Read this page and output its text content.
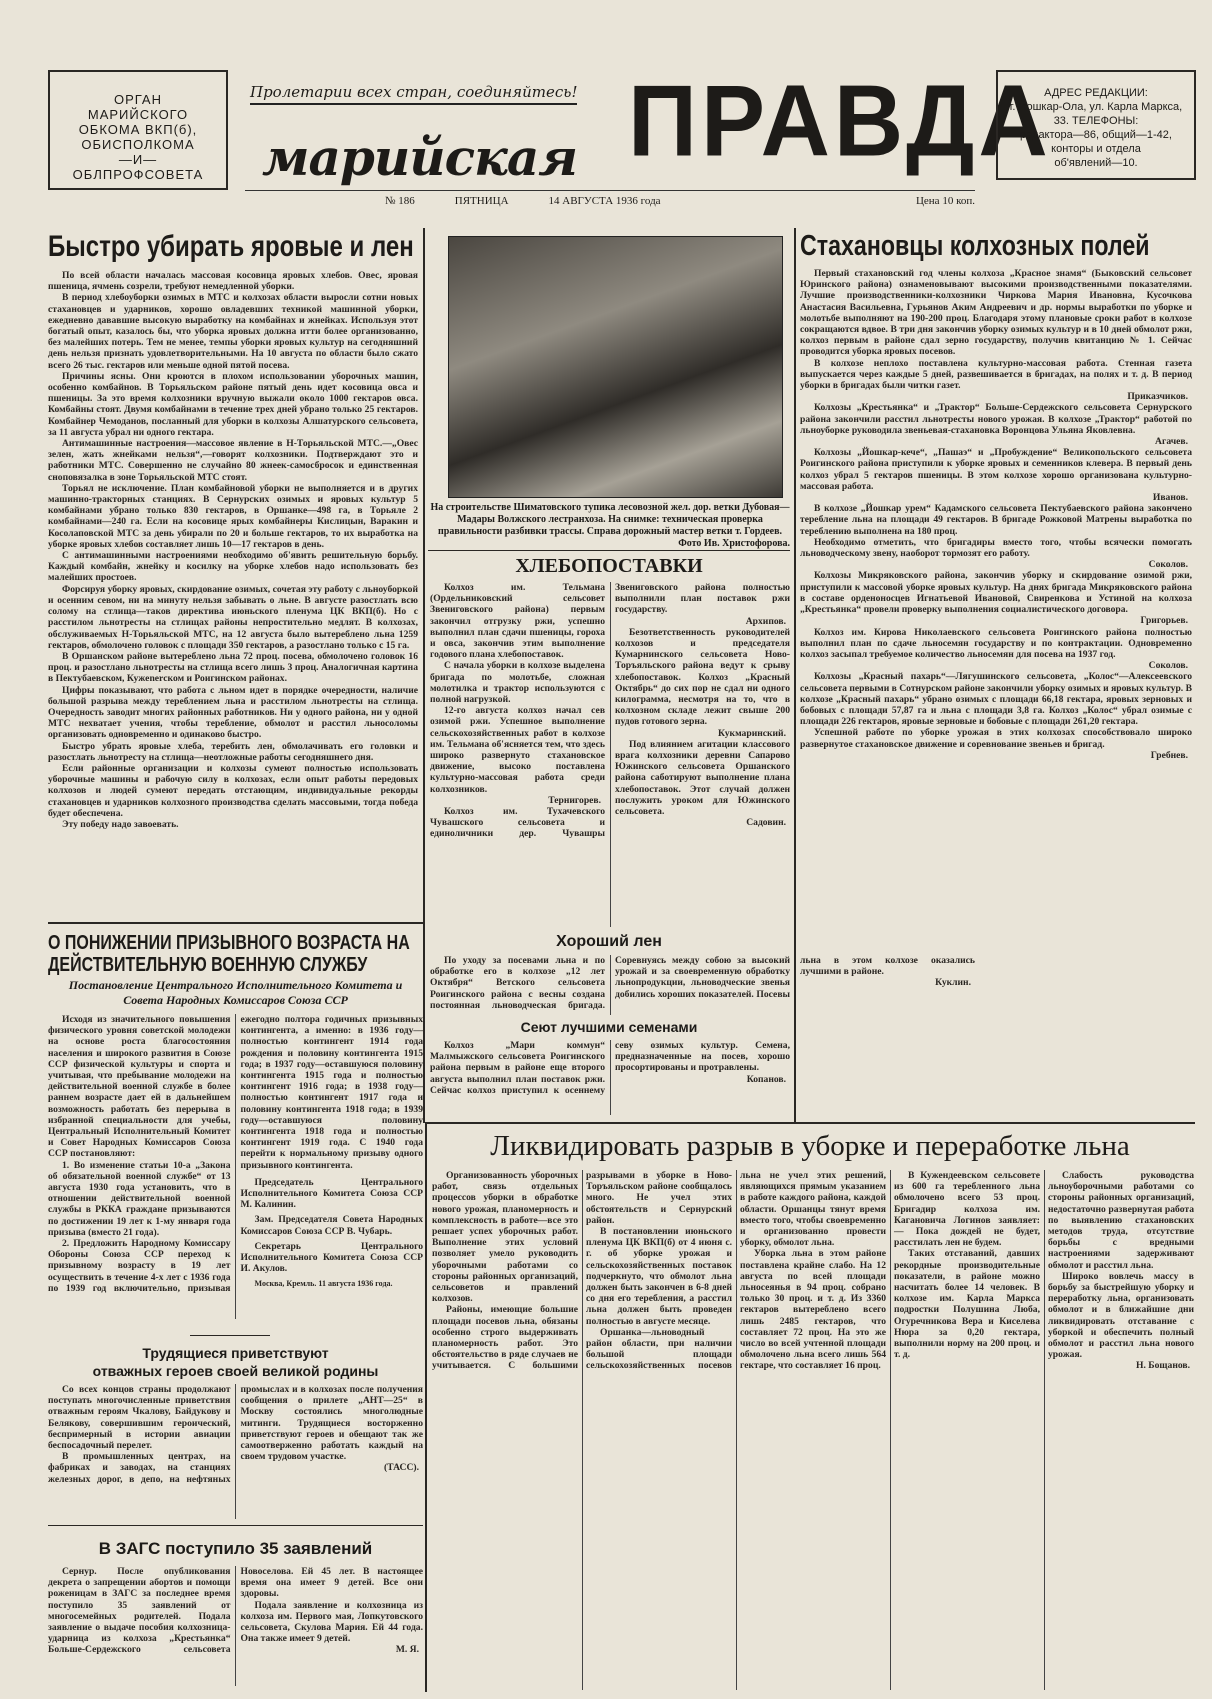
ОРГАН
МАРИЙСКОГО
ОБКОМА ВКП(б),
ОБИСПОЛКОМА
—И—
ОБЛПРОФСОВЕТА
Пролетарии всех стран, соединяйтесь!
марийская ПРАВДА
АДРЕС РЕДАКЦИИ:
г. Йошкар-Ола, ул. Карла Маркса, 33. ТЕЛЕФОНЫ:
редактора—86, общий—1-42,
конторы и отдела
об'явлений—10.
№ 186	ПЯТНИЦА	14 АВГУСТА 1936 года	Цена 10 коп.
Быстро убирать яровые и лен

По всей области началась массовая косовица яровых хлебов. Овес, яровая пшеница, ячмень созрели, требуют немедленной уборки.

В период хлебоуборки озимых в МТС и колхозах области выросли сотни новых стахановцев и ударников, хорошо овладевших техникой машинной уборки, ежедневно дававшие высокую выработку на комбайнах и жнейках. Используя этот богатый опыт, казалось бы, что уборка яровых должна итти более организованно, без малейших потерь. Тем не менее, темпы уборки яровых культур на сегодняшний день нельзя признать удовлетворительными. На 10 августа по области было сжато всего 26 тыс. гектаров или меньше одной пятой посева.

Причины ясны. Они кроются в плохом использовании уборочных машин, особенно комбайнов. В Торьяльском районе пятый день идет косовица овса и пшеницы. За это время колхозники вручную выжали около 1000 гектаров овса. Комбайны стоят. Двумя комбайнами в течение трех дней убрано только 25 гектаров. Комбайнер Чемоданов, посланный для уборки в колхозы Алшатурского сельсовета, за 11 августа убрал ни одного гектара.

Антимашинные настроения—массовое явление в Н-Торьяльской МТС.—„Овес зелен, жать жнейками нельзя“,—говорят колхозники. Подтверждают это и работники МТС. Совершенно не случайно 80 жнеек-самосбросок и единственная сноповязалка в зоне Торьяльской МТС стоят.

Торьял не исключение. План комбайновой уборки не выполняется и в других машинно-тракторных станциях. В Сернурских озимых и яровых культур 5 комбайнами убрано только 830 гектаров, в Оршанке—498 га, в Торьяле 2 комбайнами—240 га. Если на косовице ярых комбайнеры Кислицын, Варакин и Косолаповской МТС за день убирали по 20 и больше гектаров, то их выработка на уборке яровых хлебов составляет лишь 10—17 гектаров в день.

С антимашинными настроениями необходимо об'явить решительную борьбу. Каждый комбайн, жнейку и косилку на уборке хлебов надо использовать без малейших простоев.

Форсируя уборку яровых, скирдование озимых, сочетая эту работу с льноуборкой и осенним севом, ни на минуту нельзя забывать о льне. В августе разостлать всю солому на стлища—таков директива июньского пленума ЦК ВКП(б). Но с расстилом льнотресты на стлищах районы непростительно медлят. В колхозах, обслуживаемых Н-Торьяльской МТС, на 12 августа было вытереблено льна 1259 гектаров, обмолочено головок с площади 350 гектаров, а разостлано только с 15 га.

В Оршанском районе вытереблено льна 72 проц. посева, обмолочено головок 16 проц. и разостлано льнотресты на стлища всего лишь 3 проц. Аналогичная картина в Пектубаевском, Кужenerском и Роигинском районах.

Цифры показывают, что работа с льном идет в порядке очередности, наличие большой разрыва между тереблением льна и расстилом льнотресты на стлища. Очередность заводит многих районных работников. Ни у одного района, ни у одной МТС нехватает учения, чтобы теребление, обмолот и расстил льносоломы организовать одновременно и одинаково быстро.

Быстро убрать яровые хлеба, теребить лен, обмолачивать его головки и разостлать льнотресту на стлища—неотложные работы сегодняшнего дня.

Если районные организации и колхозы сумеют полностью использовать уборочные машины и рабочую силу в колхозах, если опыт работы передовых колхозов и людей сумеют передать отстающим, индивидуальные рекорды стахановцев и ударников колхозного производства сделать массовыми, тогда победа будет обеспечена.

Эту победу надо завоевать.

На строительстве Шиматовского тупика лесовозной жел. дор. ветки Дубовая—Мадары Волжского лестранхоза. На снимке: техническая проверка правильности разбивки трассы. Справа дорожный мастер ветки т. Гордеев.

Фото Ив. Христофорова.
ХЛЕБОПОСТАВКИ

Колхоз им. Тельмана (Ордельниковский сельсовет Звениговского района) первым закончил отгрузку ржи, успешно выполнил план сдачи пшеницы, гороха и овса, закончив этим выполнение годового плана хлебопоставок.

С начала уборки в колхозе выделена бригада по молотьбе, сложная молотилка и трактор используются с полной нагрузкой.

12-го августа колхоз начал сев озимой ржи. Успешное выполнение сельскохозяйственных работ в колхозе им. Тельмана об'ясняется тем, что здесь широко развернуто стахановское движение, высоко поставлена культурно-массовая работа среди колхозников.

Тернигорев.

Колхоз им. Тухачевского Чувашского сельсовета и единоличники дер. Чувашры Звениговского района полностью выполнили план поставок ржи государству.

Архипов.

Безответственность руководителей колхозов и председателя Кумарнинского сельсовета Ново-Торъяльского района ведут к срыву хлебопоставок. Колхоз „Красный Октябрь“ до сих пор не сдал ни одного килограмма, несмотря на то, что в колхозном складе лежит свыше 200 пудов готового зерна.

Кукмаринский.

Под влиянием агитации классового врага колхозники деревни Сапарово Южинского сельсовета Оршанского района саботируют выполнение плана хлебопоставок. Этот случай должен послужить уроком для Южинского сельсовета.

Садовин.

Хороший лен

По уходу за посевами льна и по обработке его в колхозе „12 лет Октября“ Ветского сельсовета Роигинского района с весны создана постоянная льноводческая бригада. Соревнуясь между собою за высокий урожай и за своевременную обработку льнопродукции, льноводческие звенья добились хороших показателей. Посевы льна в этом колхозе оказались лучшими в районе.

Куклин.

Сеют лучшими семенами

Колхоз „Мари коммун“ Малмыжского сельсовета Роигинского района первым в районе еще второго августа выполнил план поставок ржи. Сейчас колхоз приступил к осеннему севу озимых культур. Семена, предназначенные на посев, хорошо просортированы и протравлены.

Копанов.

Стахановцы колхозных полей

Первый стахановский год члены колхоза „Красное знамя“ (Быковский сельсовет Юринского района) ознаменовывают высокими производственными показателями. Лучшие производственники-колхозники Чиркова Мария Ивановна, Кусочкова Анастасия Васильевна, Гурьянов Аким Андреевич и др. нормы выработки по уборке и молотьбе выполняют на 190-200 проц. Благодаря этому плановые сроки работ в колхозе сокращаются вдвое. В три дня закончив уборку озимых культур и в 10 дней обмолот ржи, колхоз первым в районе сдал зерно государству, получив квитанцию № 1. Сейчас проводится уборка яровых посевов.

В колхозе неплохо поставлена культурно-массовая работа. Стенная газета выпускается через каждые 5 дней, развешивается в бригадах, на полях и т. д. В период уборки в бригадах были читки газет.

Приказчиков.

Колхозы „Крестьянка“ и „Трактор“ Больше-Сердежского сельсовета Сернурского района закончили расстил льнотресты нового урожая. В колхозе „Трактор“ работой по льноуборке руководила звеньевая-стахановка Воронцова Ульяна Яковлевна.

Агачев.

Колхозы „Йошкар-кече“, „Пашаэ“ и „Пробуждение“ Великопольского сельсовета Роигинского района приступили к уборке яровых и семенников клевера. В первый день колхоз убрал 5 гектаров пшеницы. В этом колхозе хорошо организована культурно-массовая работа.

Иванов.

В колхозе „Йошкар урем“ Кадамского сельсовета Пектубаевского района закончено теребление льна на площади 49 гектаров. В бригаде Рожковой Матрены выработка по тереблению выполнена на 180 проц.

Необходимо отметить, что бригадиры вместо того, чтобы всячески помогать льноводческому звену, наоборот тормозят его работу.

Соколов.

Колхозы Микряковского района, закончив уборку и скирдование озимой ржи, приступили к массовой уборке яровых культур. На днях бригада Микряковского района в составе орденоносцев Игнатьевой Ивановой, Свиренкова и Устиной на колхоза „Крестьянка“ провели проверку выполнения социалистического договора.

Григорьев.

Колхоз им. Кирова Николаевского сельсовета Роигинского района полностью выполнил план по сдаче льносемян государству и по контрактации. Одновременно колхоз засыпал требуемое количество льносемян для посева на 1937 год.

Соколов.

Колхозы „Красный пахарь“—Лягушинского сельсовета, „Колос“—Алексеевского сельсовета первыми в Сотнурском районе закончили уборку озимых и яровых культур. В колхозе „Красный пахарь“ убрано озимых с площади 66,18 гектара, яровых зерновых и бобовых с площади 57,87 га и льна с площади 3,8 га. Колхоз „Колос“ убрал озимые с площади 226 гектаров, яровые зерновые и бобовые с площади 261,20 гектара.

Успешной работе по уборке урожая в этих колхозах способствовало широко развернутое стахановское движение и соревнование звеньев и бригад.

Гребнев.

О ПОНИЖЕНИИ ПРИЗЫВНОГО ВОЗРАСТА НА ДЕЙСТВИТЕЛЬНУЮ ВОЕННУЮ СЛУЖБУ
Постановление Центрального Исполнительного Комитета и Совета Народных Комиссаров Союза ССР

Исходя из значительного повышения физического уровня советской молодежи на основе роста благосостояния населения и широкого развития в Союзе ССР физической культуры и спорта и учитывая, что пребывание молодежи на действительной военной службе в более раннем возрасте дает ей в дальнейшем возможность работать без перерыва в избранной специальности для учебы, Центральный Исполнительный Комитет и Совет Народных Комиссаров Союза ССР постановляют:

1. Во изменение статьи 10-а „Закона об обязательной военной службе“ от 13 августа 1930 года установить, что в отношении действительной военной службы в РККА граждане призываются по достижении 19 лет к 1-му января года призыва (вместо 21 года).

2. Предложить Народному Комиссару Обороны Союза ССР переход к призывному возрасту в 19 лет осуществить в течение 4-х лет с 1936 года по 1939 год включительно, призывая ежегодно полтора годичных призывных контингента, а именно: в 1936 году—полностью контингент 1914 года рождения и половину контингента 1915 года; в 1937 году—оставшуюся половину контингента 1915 года и полностью контингент 1916 года; в 1938 году—полностью контингент 1917 года и половину контингента 1918 года; в 1939 году—оставшуюся половину контингента 1918 года и полностью контингент 1919 года. С 1940 года перейти к нормальному призыву одного призывного контингента.

Председатель Центрального Исполнительного Комитета Союза ССР М. Калинин.

Зам. Председателя Совета Народных Комиссаров Союза ССР В. Чубарь.

Секретарь Центрального Исполнительного Комитета Союза ССР И. Акулов.

Москва, Кремль. 11 августа 1936 года.

Трудящиеся приветствуют
отважных героев своей великой родины

Со всех концов страны продолжают поступать многочисленные приветствия отважным героям Чкалову, Байдукову и Белякову, совершившим героический, беспримерный в истории авиации беспосадочный перелет.

В промышленных центрах, на фабриках и заводах, на станциях железных дорог, в депо, на нефтяных промыслах и в колхозах после получения сообщения о прилете „АНТ—25“ в Москву состоялись многолюдные митинги. Трудящиеся восторженно приветствуют героев и обещают так же самоотверженно работать каждый на своем трудовом участке.

(ТАСС).

В ЗАГС поступило 35 заявлений

Сернур. После опубликования декрета о запрещении абортов и помощи роженицам в ЗАГС за последнее время поступило 35 заявлений от многосемейных родителей. Подала заявление о выдаче пособия колхозница-ударница из колхоза „Крестьянка“ Больше-Сердежского сельсовета Новоселова. Ей 45 лет. В настоящее время она имеет 9 детей. Все они здоровы.

Подала заявление и колхозница из колхоза им. Первого мая, Лопкутовского сельсовета, Скулова Мария. Ей 44 года. Она также имеет 9 детей.

М. Я.

Ликвидировать разрыв в уборке и переработке льна

Организованность уборочных работ, связь отдельных процессов уборки в обработке нового урожая, планомерность и комплексность в работе—все это решает успех уборочных работ. Выполнение этих условий позволяет умело руководить уборочными работами со стороны районных организаций, сельсоветов и правлений колхозов.

Районы, имеющие большие площади посевов льна, обязаны особенно строго выдерживать планомерность работ. Это обстоятельство в ряде случаев не учитывается. С большими разрывами в уборке в Ново-Торъяльском районе сообщалось много. Не учел этих обстоятельств и Сернурский район.

В постановлении июньского пленума ЦК ВКП(б) от 4 июня с. г. об уборке урожая и сельскохозяйственных поставок подчеркнуто, что обмолот льна должен быть закончен в 6-8 дней со дня его теребления, а расстил льна должен быть проведен полностью в августе месяце.

Оршанка—льноводный район области, при наличии большой площади сельскохозяйственных посевов льна не учел этих решений, являющихся прямым указанием в работе каждого района, каждой области. Оршанцы тянут время вместо того, чтобы своевременно и организованно провести уборку, обмолот льна.

Уборка льна в этом районе поставлена крайне слабо. На 12 августа по всей площади льносеянья в 94 проц. собрано только 30 проц. и т. д. Из 3360 гектаров вытереблено всего лишь 2485 гектаров, что составляет 72 проц. На это же число во всей учтенной площади обмолочено льна всего лишь 564 гектаре, что составляет 16 проц.

В Кужендеевском сельсовете из 600 га теребленного льна обмолочено всего 53 проц. Бригадир колхоза им. Кагановича Логинов заявляет: — Пока дождей не будет, расстилать лен не будем.

Таких отставаний, давших рекордные производительные показатели, в районе можно насчитать более 14 человек. В колхозе им. Карла Маркса подростки Полушина Люба, Огуречникова Вера и Киселева Нюра за 0,20 гектара, выполнили норму на 200 проц. и т. д.

Слабость руководства льноуборочными работами со стороны районных организаций, недостаточно развернутая работа по выявлению стахановских методов труда, отсутствие борьбы с вредными настроениями задерживают обмолот и расстил льна.

Широко вовлечь массу в борьбу за быстрейшую уборку и переработку льна, организовать обмолот и в ближайшие дни ликвидировать отставание с уборкой и обеспечить полный обмолот и расстил льна нового урожая.

Н. Бощанов.
